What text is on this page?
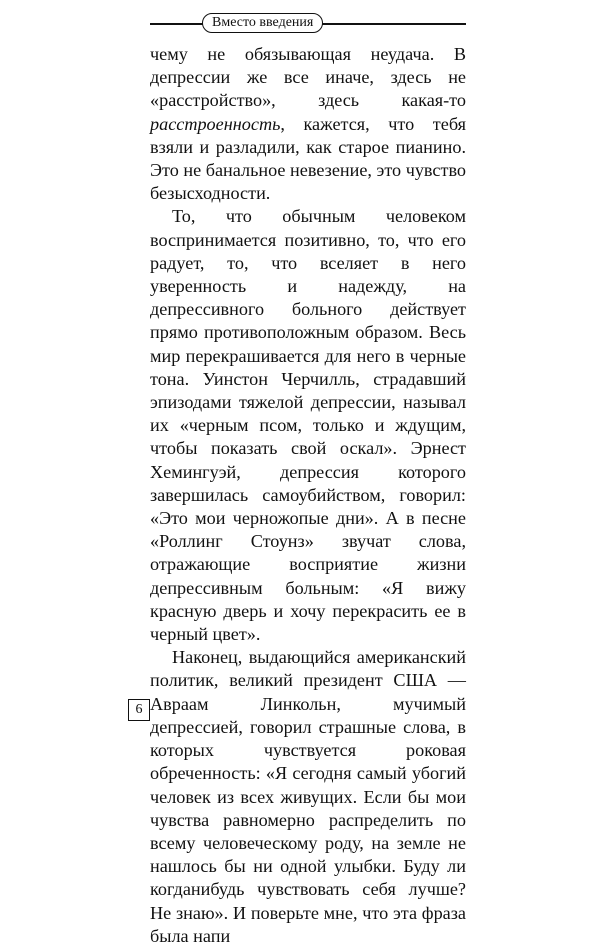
Вместо введения

чему не обязывающая неудача. В депрессии же все иначе, здесь не «расстройство», здесь какая-то расстроенность, кажется, что тебя взяли и разладили, как старое пианино. Это не банальное невезение, это чувство безысходности.

То, что обычным человеком воспринимается позитивно, то, что его радует, то, что вселяет в него уверенность и надежду, на депрессивного больного действует прямо противоположным образом. Весь мир перекрашивается для него в черные тона. Уинстон Черчилль, страдавший эпизодами тяжелой депрессии, называл их «черным псом, только и ждущим, чтобы показать свой оскал». Эрнест Хемингуэй, депрессия которого завершилась самоубийством, говорил: «Это мои черножопые дни». А в песне «Роллинг Стоунз» звучат слова, отражающие восприятие жизни депрессивным больным: «Я вижу красную дверь и хочу перекрасить ее в черный цвет».

Наконец, выдающийся американский политик, великий президент США — Авраам Линкольн, мучимый депрессией, говорил страшные слова, в которых чувствуется роковая обреченность: «Я сегодня самый убогий человек из всех живущих. Если бы мои чувства равномерно распределить по всему человеческому роду, на земле не нашлось бы ни одной улыбки. Буду ли когданибудь чувствовать себя лучше? Не знаю». И поверьте мне, что эта фраза была напи

6
